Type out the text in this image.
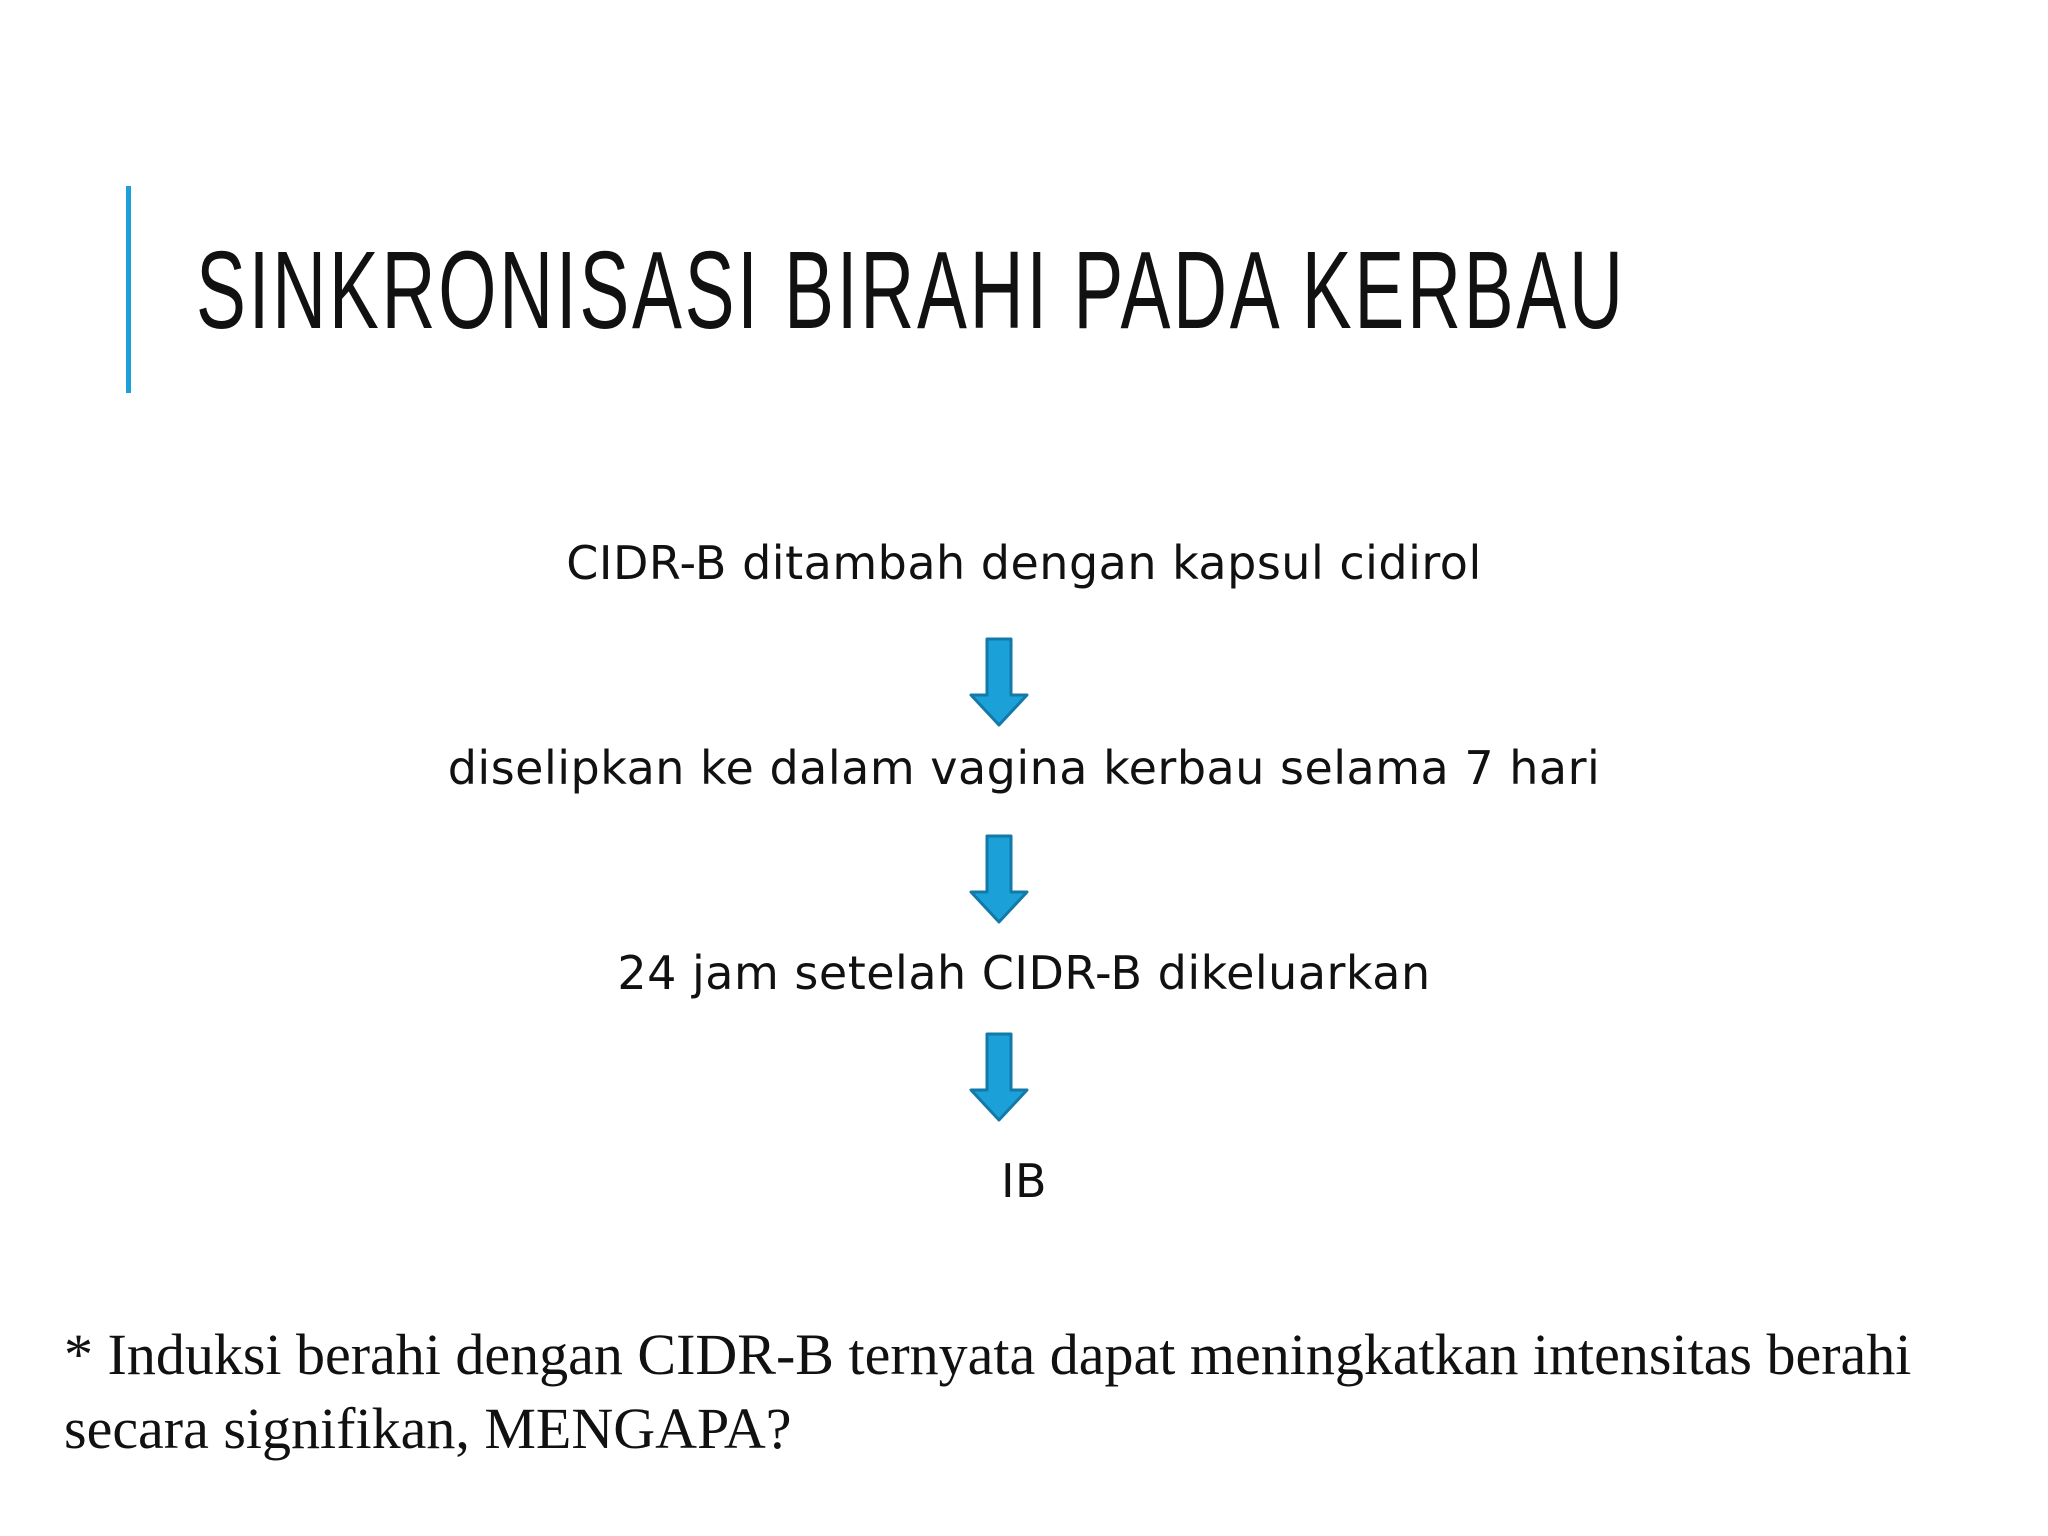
SINKRONISASI BIRAHI PADA KERBAU
CIDR-B ditambah dengan kapsul cidirol
diselipkan ke dalam vagina kerbau selama 7 hari
24 jam setelah CIDR-B dikeluarkan
IB

* Induksi berahi dengan CIDR-B ternyata dapat meningkatkan intensitas berahi secara signifikan, MENGAPA?
